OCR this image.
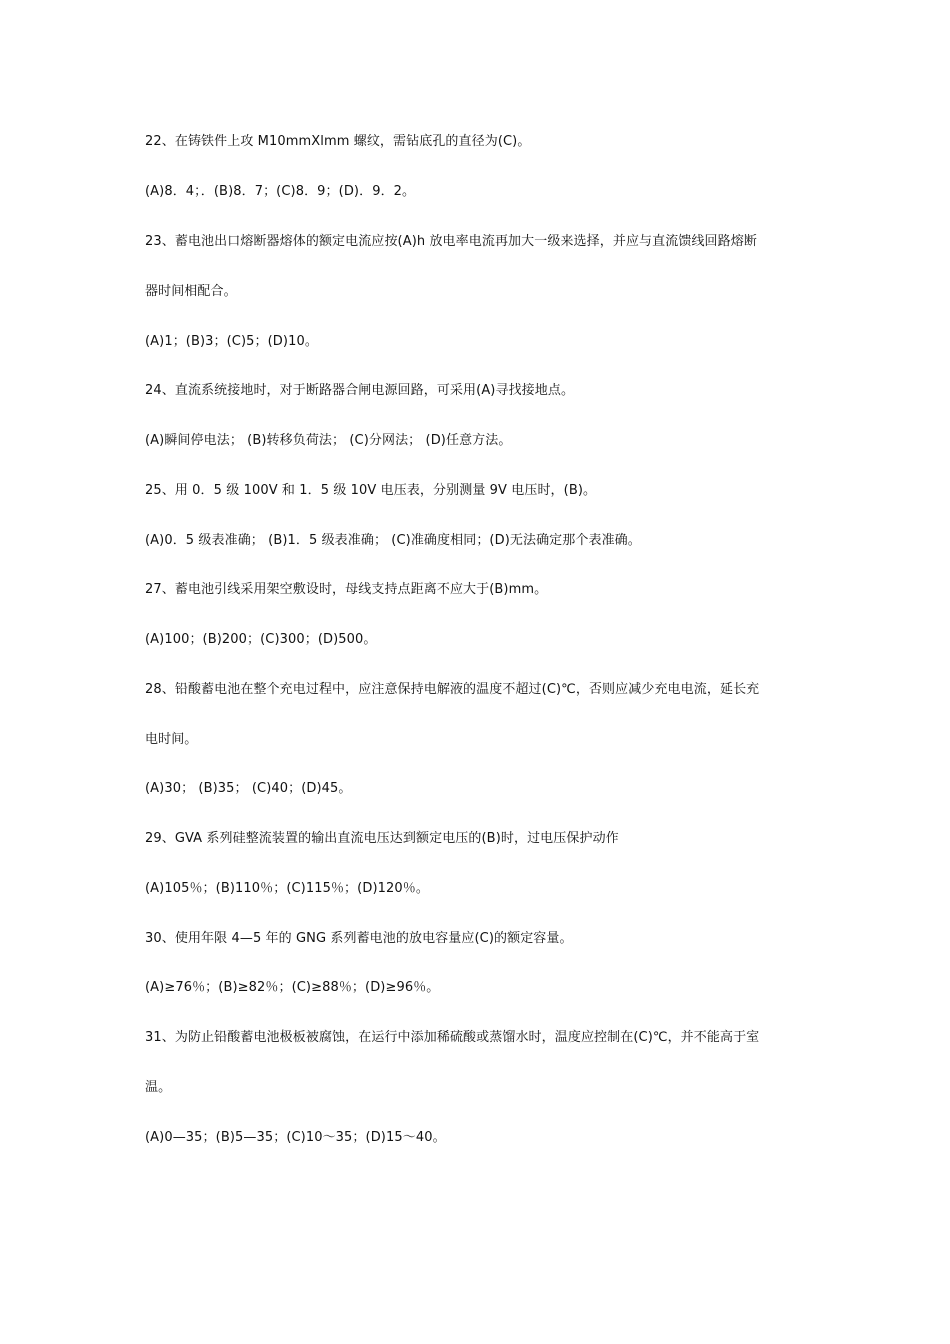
22、在铸铁件上攻 M10mmXlmm 螺纹，需钻底孔的直径为(C)。
(A)8．4；．(B)8．7；(C)8．9；(D)．9．2。
23、蓄电池出口熔断器熔体的额定电流应按(A)h 放电率电流再加大一级来选择，并应与直流馈线回路熔断
器时间相配合。
(A)1；(B)3；(C)5；(D)10。
24、直流系统接地时，对于断路器合闸电源回路，可采用(A)寻找接地点。
(A)瞬间停电法； (B)转移负荷法； (C)分网法； (D)任意方法。
25、用 0．5 级 100V 和 1．5 级 10V 电压表，分别测量 9V 电压时，(B)。
(A)0．5 级表准确； (B)1．5 级表准确； (C)准确度相同；(D)无法确定那个表准确。
27、蓄电池引线采用架空敷设时，母线支持点距离不应大于(B)mm。
(A)100；(B)200；(C)300；(D)500。
28、铅酸蓄电池在整个充电过程中，应注意保持电解液的温度不超过(C)℃，否则应减少充电电流，延长充
电时间。
(A)30； (B)35； (C)40；(D)45。
29、GVA 系列硅整流装置的输出直流电压达到额定电压的(B)时，过电压保护动作
(A)105％；(B)110％；(C)115％；(D)120％。
30、使用年限 4—5 年的 GNG 系列蓄电池的放电容量应(C)的额定容量。
(A)≥76％；(B)≥82％；(C)≥88％；(D)≥96％。
31、为防止铅酸蓄电池极板被腐蚀，在运行中添加稀硫酸或蒸馏水时，温度应控制在(C)℃，并不能高于室
温。
(A)0—35；(B)5—35；(C)10～35；(D)15～40。
